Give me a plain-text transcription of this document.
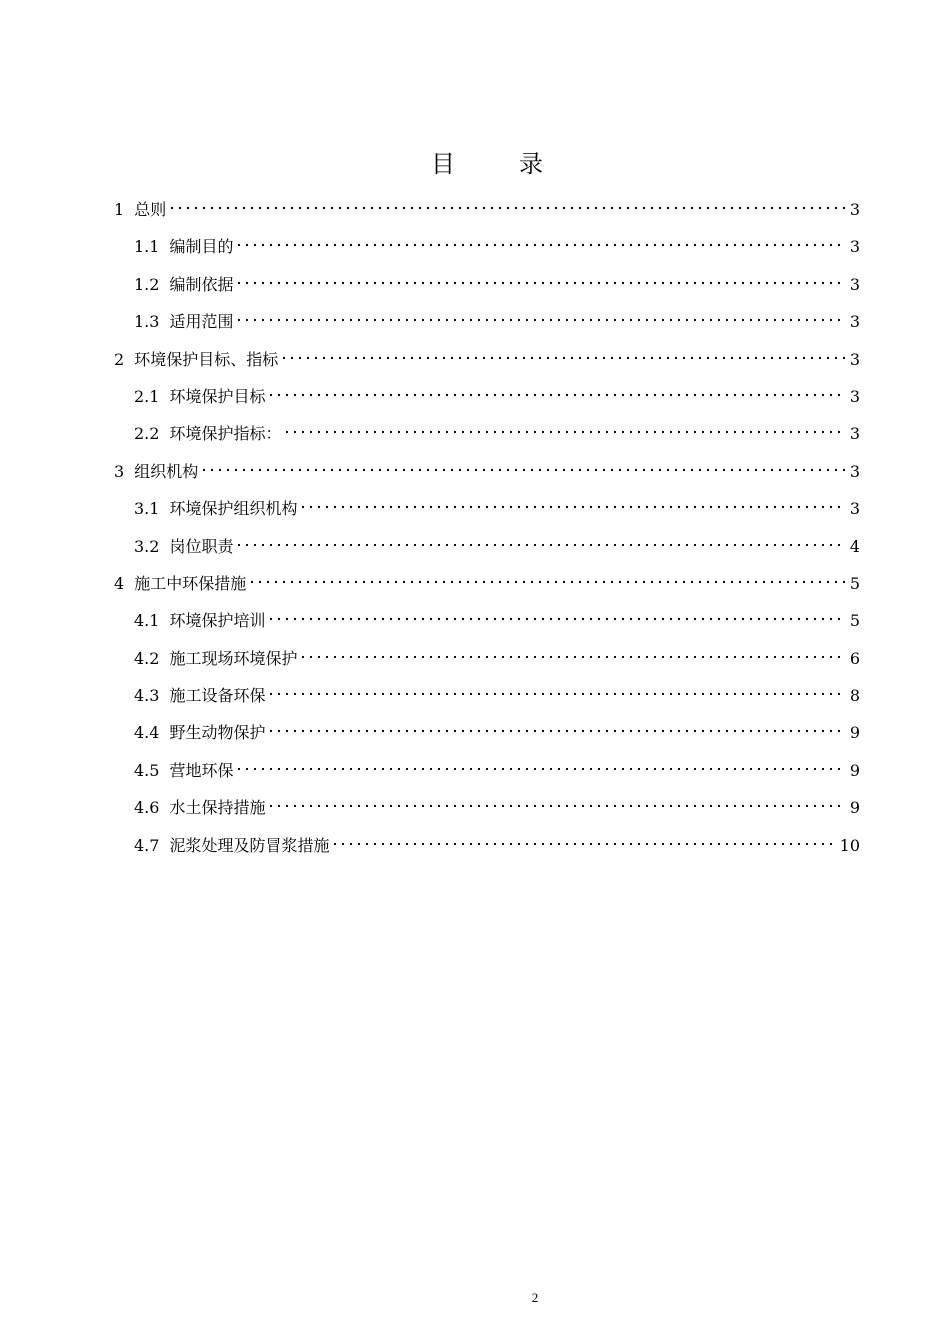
目	录
1 总则	3
1.1 编制目的	3
1.2 编制依据	3
1.3 适用范围	3
2 环境保护目标、指标	3
2.1 环境保护目标	3
2.2 环境保护指标：	3
3 组织机构	3
3.1 环境保护组织机构	3
3.2 岗位职责	4
4 施工中环保措施	5
4.1 环境保护培训	5
4.2 施工现场环境保护	6
4.3 施工设备环保	8
4.4 野生动物保护	9
4.5 营地环保	9
4.6 水土保持措施	9
4.7 泥浆处理及防冒浆措施	10
2
